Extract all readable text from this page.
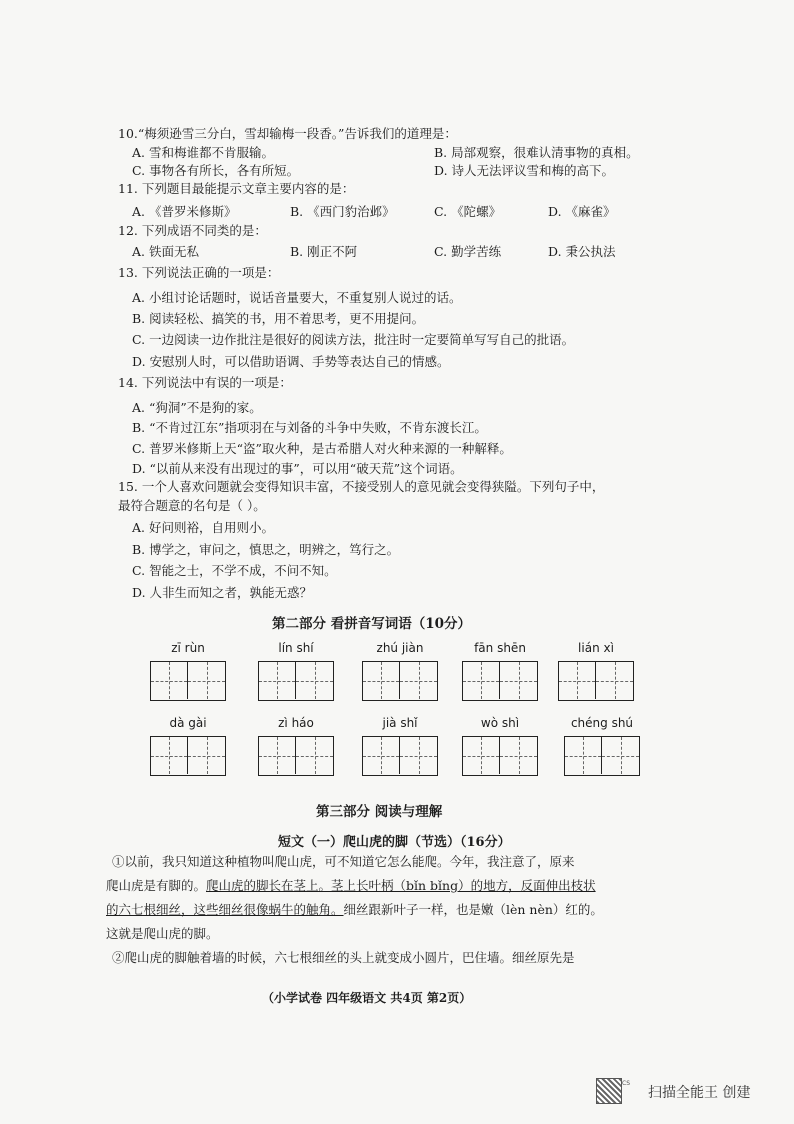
10.“梅须逊雪三分白，雪却输梅一段香。”告诉我们的道理是：
A. 雪和梅谁都不肯服输。	B. 局部观察，很难认清事物的真相。
C. 事物各有所长，各有所短。	D. 诗人无法评议雪和梅的高下。
11. 下列题目最能提示文章主要内容的是：
A. 《普罗米修斯》	B. 《西门豹治邺》	C. 《陀螺》	D. 《麻雀》
12. 下列成语不同类的是：
A. 铁面无私	B. 刚正不阿	C. 勤学苦练	D. 秉公执法
13. 下列说法正确的一项是：
A. 小组讨论话题时，说话音量要大，不重复别人说过的话。
B. 阅读轻松、搞笑的书，用不着思考，更不用提问。
C. 一边阅读一边作批注是很好的阅读方法，批注时一定要简单写写自己的批语。
D. 安慰别人时，可以借助语调、手势等表达自己的情感。
14. 下列说法中有误的一项是：
A. “狗洞”不是狗的家。
B. “不肯过江东”指项羽在与刘备的斗争中失败，不肯东渡长江。
C. 普罗米修斯上天“盗”取火种，是古希腊人对火种来源的一种解释。
D. “以前从来没有出现过的事”，可以用“破天荒”这个词语。
15. 一个人喜欢问题就会变得知识丰富，不接受别人的意见就会变得狭隘。下列句子中，
最符合题意的名句是（ ）。
A. 好问则裕，自用则小。
B. 博学之，审问之，慎思之，明辨之，笃行之。
C. 智能之士，不学不成，不问不知。
D. 人非生而知之者，孰能无惑？
第二部分 看拼音写词语（10分）
zī rùn	lín shí	zhú jiàn	fān shēn	lián xì
dà gài	zì háo	jià shǐ	wò shì	chéng shú
第三部分 阅读与理解
短文（一）爬山虎的脚（节选）（16分）
①以前，我只知道这种植物叫爬山虎，可不知道它怎么能爬。今年，我注意了，原来
爬山虎是有脚的。爬山虎的脚长在茎上。茎上长叶柄（bǐn bǐng）的地方，反面伸出枝状
的六七根细丝，这些细丝很像蜗牛的触角。细丝跟新叶子一样，也是嫩（lèn nèn）红的。
这就是爬山虎的脚。
②爬山虎的脚触着墙的时候，六七根细丝的头上就变成小圆片，巴住墙。细丝原先是
（小学试卷 四年级语文 共4页 第2页）
CS
扫描全能王 创建
